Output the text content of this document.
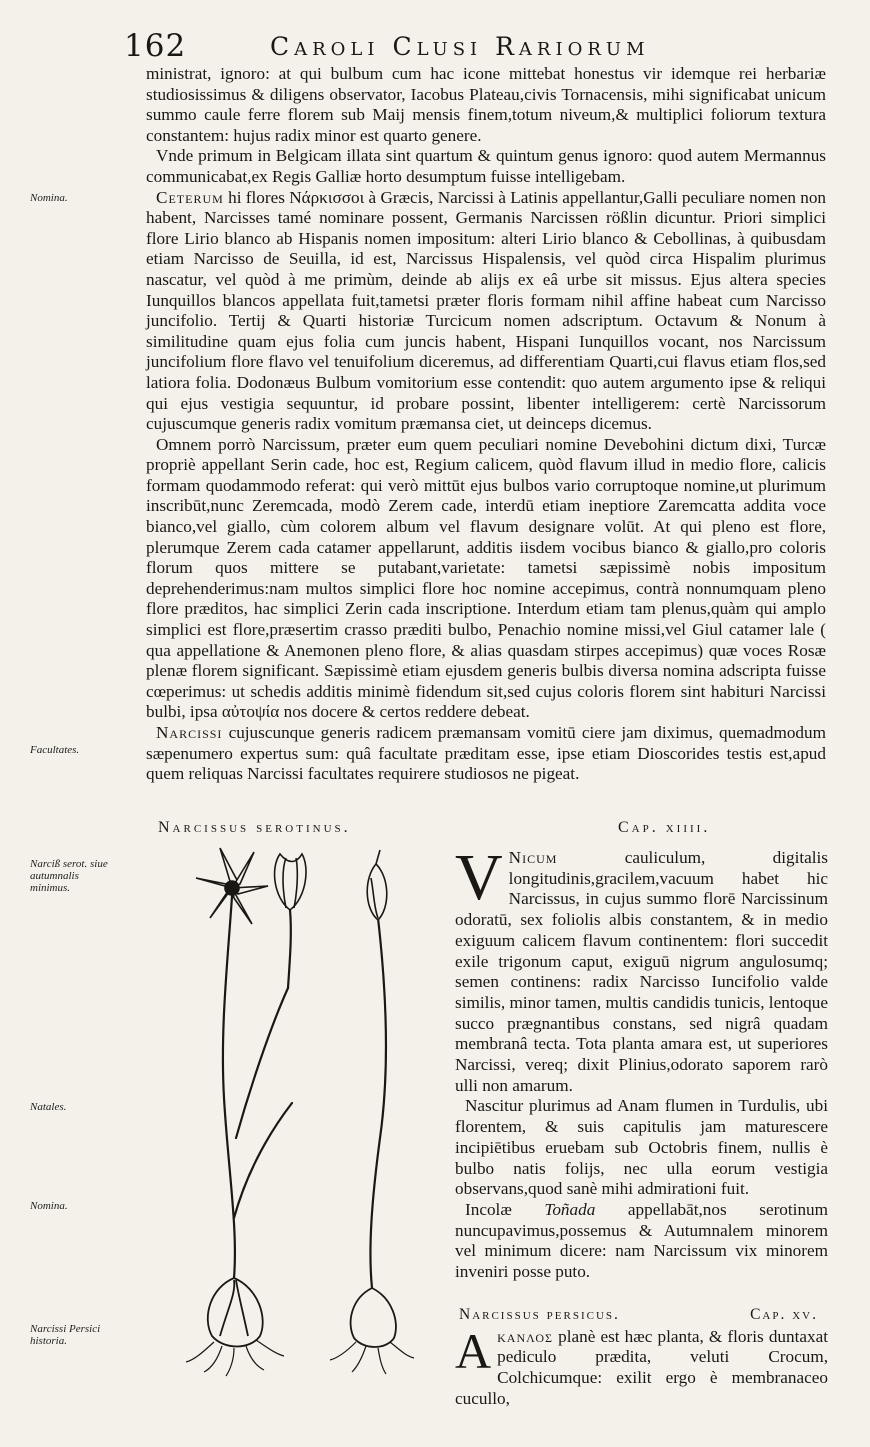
162	Caroli Clusi Rariorum
Nomina.
Facultates.
Narciß serot. siue autumnalis minimus.
Natales.
Nomina.
Narcissi Persici historia.

ministrat, ignoro: at qui bulbum cum hac icone mittebat honestus vir idemque rei herbariæ studiosissimus & diligens observator, Iacobus Plateau,civis Tornacensis, mihi significabat unicum summo caule ferre florem sub Maij mensis finem,totum niveum,& multiplici foliorum textura constantem: hujus radix minor est quarto genere.

Vnde primum in Belgicam illata sint quartum & quintum genus ignoro: quod autem Mermannus communicabat,ex Regis Galliæ horto desumptum fuisse intelligebam.

Ceterum hi flores Νάρκισσοι à Græcis, Narcissi à Latinis appellantur,Galli peculiare nomen non habent, Narcisses tamé nominare possent, Germanis Narcissen rößlin dicuntur. Priori simplici flore Lirio blanco ab Hispanis nomen impositum: alteri Lirio blanco & Cebollinas, à quibusdam etiam Narcisso de Seuilla, id est, Narcissus Hispalensis, vel quòd circa Hispalim plurimus nascatur, vel quòd à me primùm, deinde ab alijs ex eâ urbe sit missus. Ejus altera species Iunquillos blancos appellata fuit,tametsi præter floris formam nihil affine habeat cum Narcisso juncifolio. Tertij & Quarti historiæ Turcicum nomen adscriptum. Octavum & Nonum à similitudine quam ejus folia cum juncis habent, Hispani Iunquillos vocant, nos Narcissum juncifolium flore flavo vel tenuifolium diceremus, ad differentiam Quarti,cui flavus etiam flos,sed latiora folia. Dodonæus Bulbum vomitorium esse contendit: quo autem argumento ipse & reliqui qui ejus vestigia sequuntur, id probare possint, libenter intelligerem: certè Narcissorum cujuscumque generis radix vomitum præmansa ciet, ut deinceps dicemus.

Omnem porrò Narcissum, præter eum quem peculiari nomine Devebohini dictum dixi, Turcæ propriè appellant Serin cade, hoc est, Regium calicem, quòd flavum illud in medio flore, calicis formam quodammodo referat: qui verò mittūt ejus bulbos vario corruptoque nomine,ut plurimum inscribūt,nunc Zeremcada, modò Zerem cade, interdū etiam ineptiore Zaremcatta addita voce bianco,vel giallo, cùm colorem album vel flavum designare volūt. At qui pleno est flore, plerumque Zerem cada catamer appellarunt, additis iisdem vocibus bianco & giallo,pro coloris florum quos mittere se putabant,varietate: tametsi sæpissimè nobis impositum deprehenderimus:nam multos simplici flore hoc nomine accepimus, contrà nonnumquam pleno flore præditos, hac simplici Zerin cada inscriptione. Interdum etiam tam plenus,quàm qui amplo simplici est flore,præsertim crasso præditi bulbo, Penachio nomine missi,vel Giul catamer lale ( qua appellatione & Anemonen pleno flore, & alias quasdam stirpes accepimus) quæ voces Rosæ plenæ florem significant. Sæpissimè etiam ejusdem generis bulbis diversa nomina adscripta fuisse cœperimus: ut schedis additis minimè fidendum sit,sed cujus coloris florem sint habituri Narcissi bulbi, ipsa αὐτοψία nos docere & certos reddere debeat.

Narcissi cujuscunque generis radicem præmansam vomitū ciere jam diximus, quemadmodum sæpenumero expertus sum: quâ facultate præditam esse, ipse etiam Dioscorides testis est,apud quem reliquas Narcissi facultates requirere studiosos ne pigeat.

Narcissus serotinus.	Cap. xiiii.

V Nicum cauliculum, digitalis longitudinis,gracilem,vacuum habet hic Narcissus, in cujus summo florē Narcissinum odoratū, sex foliolis albis constantem, & in medio exiguum calicem flavum continentem: flori succedit exile trigonum caput, exiguū nigrum angulosumq; semen continens: radix Narcisso Iuncifolio valde similis, minor tamen, multis candidis tunicis, lentoque succo prægnantibus constans, sed nigrâ quadam membranâ tecta. Tota planta amara est, ut superiores Narcissi, vereq; dixit Plinius,odorato saporem rarò ulli non amarum.

Nascitur plurimus ad Anam flumen in Turdulis, ubi florentem, & suis capitulis jam maturescere incipiētibus eruebam sub Octobris finem, nullis è bulbo natis folijs, nec ulla eorum vestigia observans,quod sanè mihi admirationi fuit.

Incolæ Toñada appellabāt,nos serotinum nuncupavimus,possemus & Autumnalem minorem vel minimum dicere: nam Narcissum vix minorem inveniri posse puto.

Narcissus persicus.	Cap. xv.

Aκανλος planè est hæc planta, & floris duntaxat pediculo prædita, veluti Crocum, Colchicumque: exilit ergo è membranaceo cucullo,
